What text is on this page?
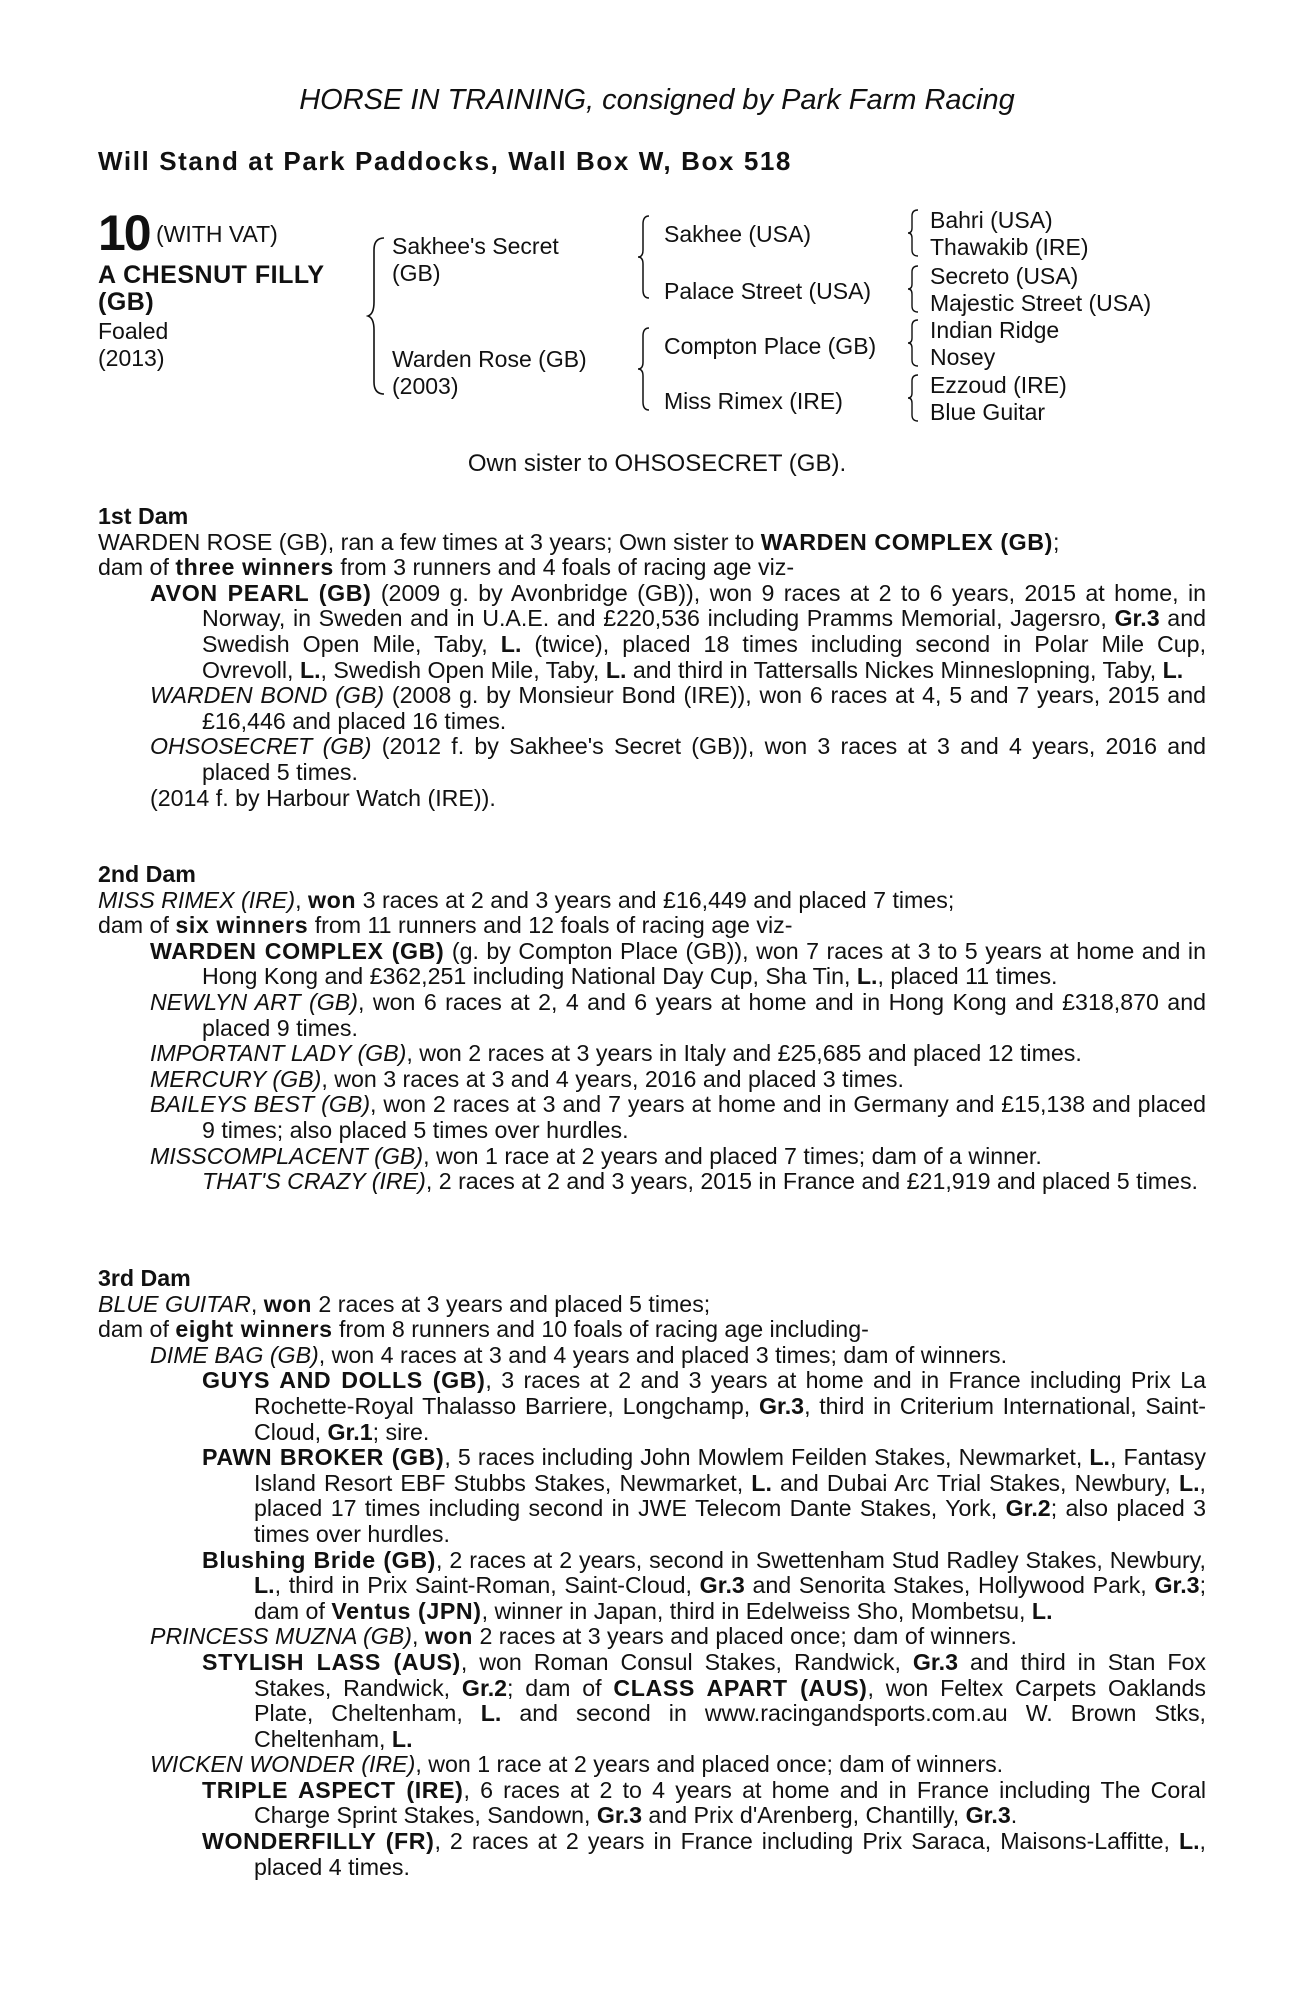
HORSE IN TRAINING, consigned by Park Farm Racing
Will Stand at Park Paddocks, Wall Box W, Box 518
10 (WITH VAT)
A CHESNUT FILLY
(GB)
Foaled
(2013)
Sakhee's Secret
(GB)
Warden Rose (GB)
(2003)
Sakhee (USA)
Palace Street (USA)
Compton Place (GB)
Miss Rimex (IRE)
Bahri (USA)
Thawakib (IRE)
Secreto (USA)
Majestic Street (USA)
Indian Ridge
Nosey
Ezzoud (IRE)
Blue Guitar
Own sister to OHSOSECRET (GB).

1st Dam

WARDEN ROSE (GB), ran a few times at 3 years; Own sister to WARDEN COMPLEX (GB);

dam of three winners from 3 runners and 4 foals of racing age viz-

AVON PEARL (GB) (2009 g. by Avonbridge (GB)), won 9 races at 2 to 6 years, 2015 at home, in Norway, in Sweden and in U.A.E. and £220,536 including Pramms Memorial, Jagersro, Gr.3 and Swedish Open Mile, Taby, L. (twice), placed 18 times including second in Polar Mile Cup, Ovrevoll, L., Swedish Open Mile, Taby, L. and third in Tattersalls Nickes Minneslopning, Taby, L.

WARDEN BOND (GB) (2008 g. by Monsieur Bond (IRE)), won 6 races at 4, 5 and 7 years, 2015 and £16,446 and placed 16 times.

OHSOSECRET (GB) (2012 f. by Sakhee's Secret (GB)), won 3 races at 3 and 4 years, 2016 and placed 5 times.

(2014 f. by Harbour Watch (IRE)).

2nd Dam

MISS RIMEX (IRE), won 3 races at 2 and 3 years and £16,449 and placed 7 times;

dam of six winners from 11 runners and 12 foals of racing age viz-

WARDEN COMPLEX (GB) (g. by Compton Place (GB)), won 7 races at 3 to 5 years at home and in Hong Kong and £362,251 including National Day Cup, Sha Tin, L., placed 11 times.

NEWLYN ART (GB), won 6 races at 2, 4 and 6 years at home and in Hong Kong and £318,870 and placed 9 times.

IMPORTANT LADY (GB), won 2 races at 3 years in Italy and £25,685 and placed 12 times.

MERCURY (GB), won 3 races at 3 and 4 years, 2016 and placed 3 times.

BAILEYS BEST (GB), won 2 races at 3 and 7 years at home and in Germany and £15,138 and placed 9 times; also placed 5 times over hurdles.

MISSCOMPLACENT (GB), won 1 race at 2 years and placed 7 times; dam of a winner.

THAT'S CRAZY (IRE), 2 races at 2 and 3 years, 2015 in France and £21,919 and placed 5 times.

3rd Dam

BLUE GUITAR, won 2 races at 3 years and placed 5 times;

dam of eight winners from 8 runners and 10 foals of racing age including-

DIME BAG (GB), won 4 races at 3 and 4 years and placed 3 times; dam of winners.

GUYS AND DOLLS (GB), 3 races at 2 and 3 years at home and in France including Prix La Rochette-Royal Thalasso Barriere, Longchamp, Gr.3, third in Criterium International, Saint-Cloud, Gr.1; sire.

PAWN BROKER (GB), 5 races including John Mowlem Feilden Stakes, Newmarket, L., Fantasy Island Resort EBF Stubbs Stakes, Newmarket, L. and Dubai Arc Trial Stakes, Newbury, L., placed 17 times including second in JWE Telecom Dante Stakes, York, Gr.2; also placed 3 times over hurdles.

Blushing Bride (GB), 2 races at 2 years, second in Swettenham Stud Radley Stakes, Newbury, L., third in Prix Saint-Roman, Saint-Cloud, Gr.3 and Senorita Stakes, Hollywood Park, Gr.3; dam of Ventus (JPN), winner in Japan, third in Edelweiss Sho, Mombetsu, L.

PRINCESS MUZNA (GB), won 2 races at 3 years and placed once; dam of winners.

STYLISH LASS (AUS), won Roman Consul Stakes, Randwick, Gr.3 and third in Stan Fox Stakes, Randwick, Gr.2; dam of CLASS APART (AUS), won Feltex Carpets Oaklands Plate, Cheltenham, L. and second in www.racingandsports.com.au W. Brown Stks, Cheltenham, L.

WICKEN WONDER (IRE), won 1 race at 2 years and placed once; dam of winners.

TRIPLE ASPECT (IRE), 6 races at 2 to 4 years at home and in France including The Coral Charge Sprint Stakes, Sandown, Gr.3 and Prix d'Arenberg, Chantilly, Gr.3.

WONDERFILLY (FR), 2 races at 2 years in France including Prix Saraca, Maisons-Laffitte, L., placed 4 times.
